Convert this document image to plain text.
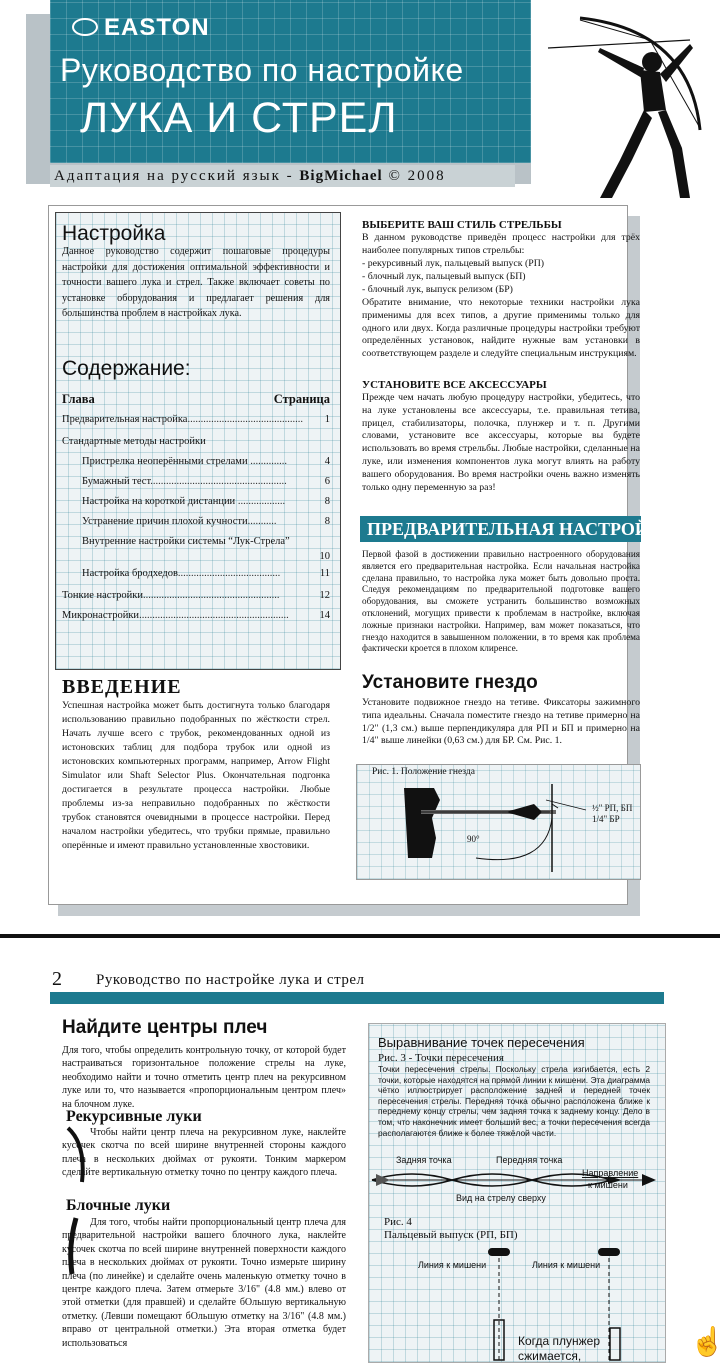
EASTON
Руководство по настройке
ЛУКА И СТРЕЛ
Адаптация на русский язык - BigMichael © 2008
Настройка
Данное руководство содержит пошаговые процедуры настройки для достижения оптимальной эффективности и точности вашего лука и стрел. Также включает советы по установке оборудования и предлагает решения для большинства проблем в настройках лука.
Содержание:
Глава	Страница
Предварительная настройка............................................ 1
Стандартные методы настройки
Пристрелка неоперёнными стрелами ..............	4
Бумажный тест....................................................	6
Настройка на короткой дистанции ..................	8
Устранение причин плохой кучности...........	8
Внутренние настройки системы “Лук-Стрела”
10
Настройка бродхедов.......................................	11
Тонкие настройки....................................................	12
Микронастройки.........................................................	14
ВВЕДЕНИЕ
Успешная настройка может быть достигнута только благодаря использованию правильно подобранных по жёсткости стрел. Начать лучше всего с трубок, рекомендованных одной из истоновских таблиц для подбора трубок или одной из истоновских компьютерных программ, например, Arrow Flight Simulator или Shaft Selector Plus. Окончательная подгонка достигается в результате процесса настройки. Любые проблемы из-за неправильно подобранных по жёсткости трубок становятся очевидными в процессе настройки. Перед началом настройки убедитесь, что трубки прямые, правильно оперённые и имеют правильно установленные хвостовики.
ВЫБЕРИТЕ ВАШ СТИЛЬ СТРЕЛЬБЫ
В данном руководстве приведён процесс настройки для трёх наиболее популярных типов стрельбы:
- рекурсивный лук, пальцевый выпуск (РП)
- блочный лук, пальцевый выпуск (БП)
- блочный лук, выпуск релизом (БР)
Обратите внимание, что некоторые техники настройки лука применимы для всех типов, а другие применимы только для одного или двух. Когда различные процедуры настройки требуют определённых установок, найдите нужные вам установки в соответствующем разделе и следуйте специальным инструкциям.
УСТАНОВИТЕ ВСЕ АКСЕССУАРЫ
Прежде чем начать любую процедуру настройки, убедитесь, что на луке установлены все аксессуары, т.е. правильная тетива, прицел, стабилизаторы, полочка, плунжер и т. п. Другими словами, установите все аксессуары, которые вы будете использовать во время стрельбы. Любые настройки, сделанные на луке, или изменения компонентов лука могут влиять на работу вашего оборудования. Во время настройки очень важно изменять только одну переменную за раз!
ПРЕДВАРИТЕЛЬНАЯ НАСТРОЙКА
Первой фазой в достижении правильно настроенного оборудования является его предварительная настройка. Если начальная настройка сделана правильно, то настройка лука может быть довольно проста. Следуя рекомендациям по предварительной подготовке вашего оборудования, вы сможете устранить большинство возможных отклонений, могущих привести к проблемам в настройке, включая ложные признаки настройки. Например, вам может показаться, что гнездо находится в завышенном положении, в то время как проблема фактически кроется в плохом клиренсе.
Установите гнездо
Установите подвижное гнездо на тетиве. Фиксаторы зажимного типа идеальны. Сначала поместите гнездо на тетиве примерно на 1/2" (1,3 см.) выше перпендикуляра для РП и БП и примерно на 1/4" выше линейки (0,63 см.) для БР. См. Рис. 1.
Рис. 1. Положение гнезда
½" РП, БП
1/4" БР
90°
2 Руководство по настройке лука и стрел
Найдите центры плеч
Для того, чтобы определить контрольную точку, от которой будет настраиваться горизонтальное положение стрелы на луке, необходимо найти и точно отметить центр плеч на рекурсивном луке или то, что называется «пропорциональным центром плеч» на блочном луке.
Рекурсивные луки
Чтобы найти центр плеча на рекурсивном луке, наклейте кусочек скотча по всей ширине внутренней стороны каждого плеча в нескольких дюймах от рукояти. Тонким маркером сделайте вертикальную отметку точно по центру каждого плеча.
Блочные луки
Для того, чтобы найти пропорциональный центр плеча для предварительной настройки вашего блочного лука, наклейте кусочек скотча по всей ширине внутренней поверхности каждого плеча в нескольких дюймах от рукояти. Точно измерьте ширину плеча (по линейке) и сделайте очень маленькую отметку точно в центре каждого плеча. Затем отмерьте 3/16" (4.8 мм.) влево от этой отметки (для правшей) и сделайте бОльшую вертикальную отметку. (Левши помещают бОльшую отметку на 3/16" (4.8 мм.) вправо от центральной отметки.) Эта вторая отметка будет использоваться
Выравнивание точек пересечения
Рис. 3 - Точки пересечения
Точки пересечения стрелы. Поскольку стрела изгибается, есть 2 точки, которые находятся на прямой линии к мишени. Эта диаграмма чётко иллюстрирует расположение задней и передней точек пересечения стрелы. Передняя точка обычно расположена ближе к переднему концу стрелы, чем задняя точка к заднему концу. Дело в том, что наконечник имеет больший вес, а точки пересечения всегда располагаются ближе к более тяжёлой части.
Задняя точка	Передняя точка
Направление
к мишени
Вид на стрелу сверху
Рис. 4
Пальцевый выпуск (РП, БП)
Линия к мишени	Линия к мишени
Когда плунжер
сжимается,	☝
